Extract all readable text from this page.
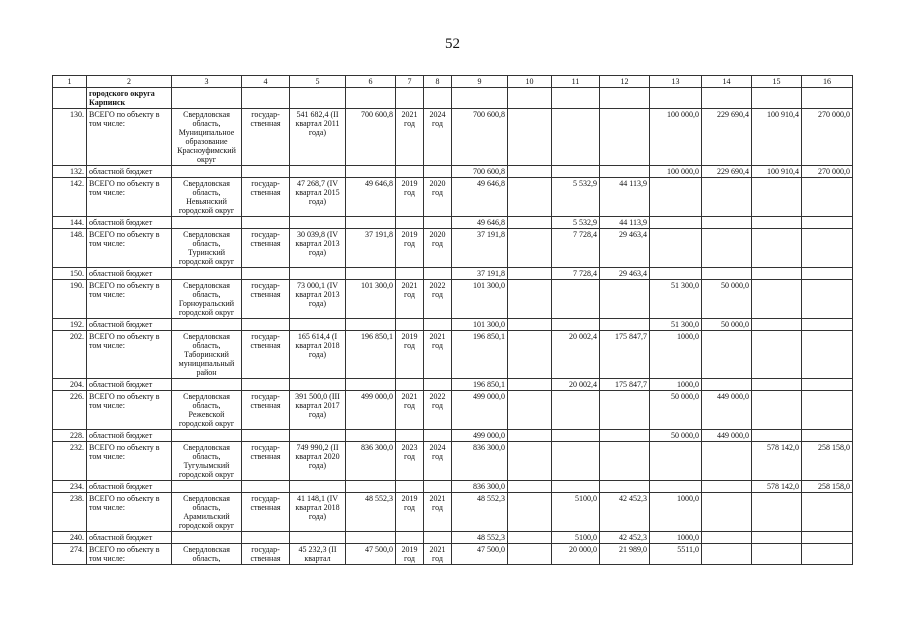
52
1	2	3	4	5	6	7	8	9	10	11	12	13	14	15	16
	городского округа Карпинск														
130.	ВСЕГО по объекту в том числе:	Свердловская область, Муниципальное образование Красноуфимский округ	государ-ственная	541 682,4 (II квартал 2011 года)	700 600,8	2021 год	2024 год	700 600,8				100 000,0	229 690,4	100 910,4	270 000,0
132.	областной бюджет							700 600,8				100 000,0	229 690,4	100 910,4	270 000,0
142.	ВСЕГО по объекту в том числе:	Свердловская область, Невьянский городской округ	государ-ственная	47 268,7 (IV квартал 2015 года)	49 646,8	2019 год	2020 год	49 646,8		5 532,9	44 113,9				
144.	областной бюджет							49 646,8		5 532,9	44 113,9				
148.	ВСЕГО по объекту в том числе:	Свердловская область, Туринский городской округ	государ-ственная	30 039,8 (IV квартал 2013 года)	37 191,8	2019 год	2020 год	37 191,8		7 728,4	29 463,4				
150.	областной бюджет							37 191,8		7 728,4	29 463,4				
190.	ВСЕГО по объекту в том числе:	Свердловская область, Горноуральский городской округ	государ-ственная	73 000,1 (IV квартал 2013 года)	101 300,0	2021 год	2022 год	101 300,0				51 300,0	50 000,0		
192.	областной бюджет							101 300,0				51 300,0	50 000,0		
202.	ВСЕГО по объекту в том числе:	Свердловская область, Таборинский муниципальный район	государ-ственная	165 614,4 (I квартал 2018 года)	196 850,1	2019 год	2021 год	196 850,1		20 002,4	175 847,7	1000,0			
204.	областной бюджет							196 850,1		20 002,4	175 847,7	1000,0			
226.	ВСЕГО по объекту в том числе:	Свердловская область, Режевской городской округ	государ-ственная	391 500,0 (III квартал 2017 года)	499 000,0	2021 год	2022 год	499 000,0				50 000,0	449 000,0		
228.	областной бюджет							499 000,0				50 000,0	449 000,0		
232.	ВСЕГО по объекту в том числе:	Свердловская область, Тугулымский городской округ	государ-ственная	749 990,2 (II квартал 2020 года)	836 300,0	2023 год	2024 год	836 300,0						578 142,0	258 158,0
234.	областной бюджет							836 300,0						578 142,0	258 158,0
238.	ВСЕГО по объекту в том числе:	Свердловская область, Арамильский городской округ	государ-ственная	41 148,1 (IV квартал 2018 года)	48 552,3	2019 год	2021 год	48 552,3		5100,0	42 452,3	1000,0			
240.	областной бюджет							48 552,3		5100,0	42 452,3	1000,0			
274.	ВСЕГО по объекту в том числе:	Свердловская область,	государ-ственная	45 232,3 (II квартал	47 500,0	2019 год	2021 год	47 500,0		20 000,0	21 989,0	5511,0			
